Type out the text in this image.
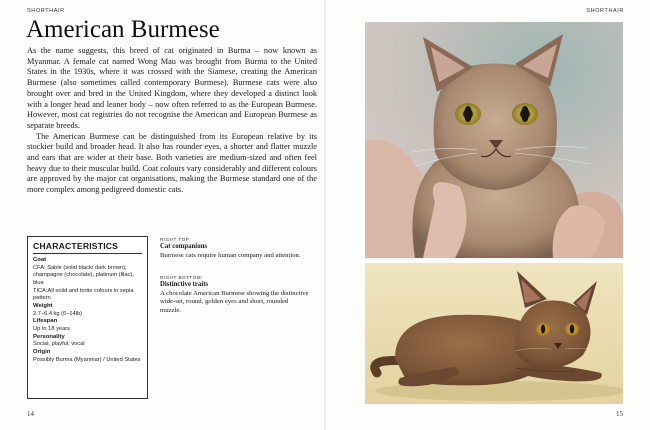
SHORTHAIR	SHORTHAIR
American Burmese

As the name suggests, this breed of cat originated in Burma – now known as Myanmar. A female cat named Wong Mau was brought from Burma to the United States in the 1930s, where it was crossed with the Siamese, creating the American Burmese (also sometimes called contemporary Burmese). Burmese cats were also brought over and bred in the United Kingdom, where they developed a distinct look with a longer head and leaner body – now often referred to as the European Burmese. However, most cat registries do not recognise the American and European Burmese as separate breeds.

The American Burmese can be distinguished from its European relative by its stockier build and broader head. It also has rounder eyes, a shorter and flatter muzzle and ears that are wider at their base. Both varieties are medium-sized and often feel heavy due to their muscular build. Coat colours vary considerably and different colours are approved by the major cat organisations, making the Burmese standard one of the more complex among pedigreed domestic cats.

CHARACTERISTICS
Coat
CFA: Sable (solid black/ dark brown), champagne (chocolate), platinum (lilac), blue
TICA:All solid and tortie colours in sepia pattern
Weight
2.7–6.4 kg (6–14lb)
Lifespan
Up to 18 years
Personality
Social, playful, vocal
Origin
Possibly Burma (Myanmar) / United States
RIGHT TOP:
Cat companions
Burmese cats require human company and attention.
RIGHT BOTTOM:
Distinctive traits
A chocolate American Burmese showing the distinctive wide-set, round, golden eyes and short, rounded muzzle.
14	15
